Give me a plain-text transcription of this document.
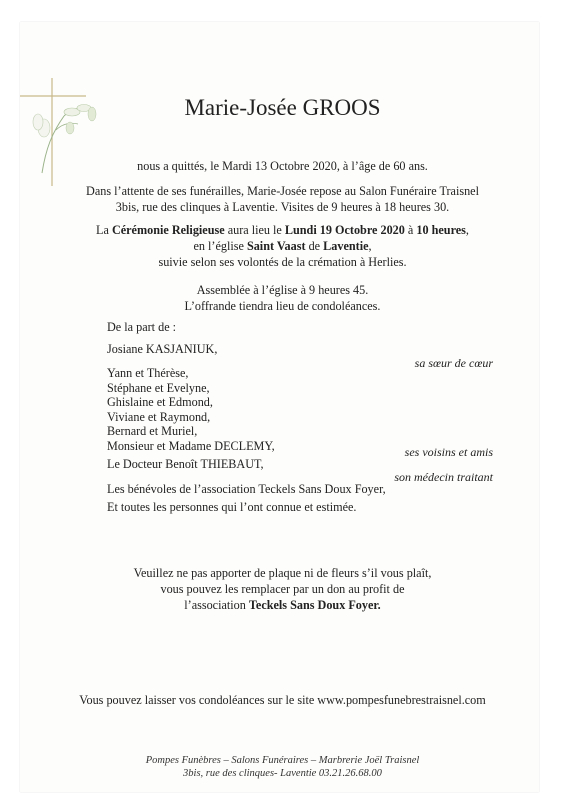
Marie-Josée GROOS
nous a quittés, le Mardi 13 Octobre 2020, à l’âge de 60 ans.
Dans l’attente de ses funérailles, Marie-Josée repose au Salon Funéraire Traisnel
3bis, rue des clinques à Laventie. Visites de 9 heures à 18 heures 30.
La Cérémonie Religieuse aura lieu le Lundi 19 Octobre 2020 à 10 heures,
en l’église Saint Vaast de Laventie,
suivie selon ses volontés de la crémation à Herlies.
Assemblée à l’église à 9 heures 45.
L’offrande tiendra lieu de condoléances.
De la part de :
Josiane KASJANIUK,
sa sœur de cœur
Yann et Thérèse,
Stéphane et Evelyne,
Ghislaine et Edmond,
Viviane et Raymond,
Bernard et Muriel,
Monsieur et Madame DECLEMY,	ses voisins et amis
Le Docteur Benoît THIEBAUT,
son médecin traitant
Les bénévoles de l’association Teckels Sans Doux Foyer,
Et toutes les personnes qui l’ont connue et estimée.
Veuillez ne pas apporter de plaque ni de fleurs s’il vous plaît,
vous pouvez les remplacer par un don au profit de
l’association Teckels Sans Doux Foyer.
Vous pouvez laisser vos condoléances sur le site www.pompesfunebrestraisnel.com
Pompes Funèbres – Salons Funéraires – Marbrerie Joël Traisnel
3bis, rue des clinques- Laventie 03.21.26.68.00
